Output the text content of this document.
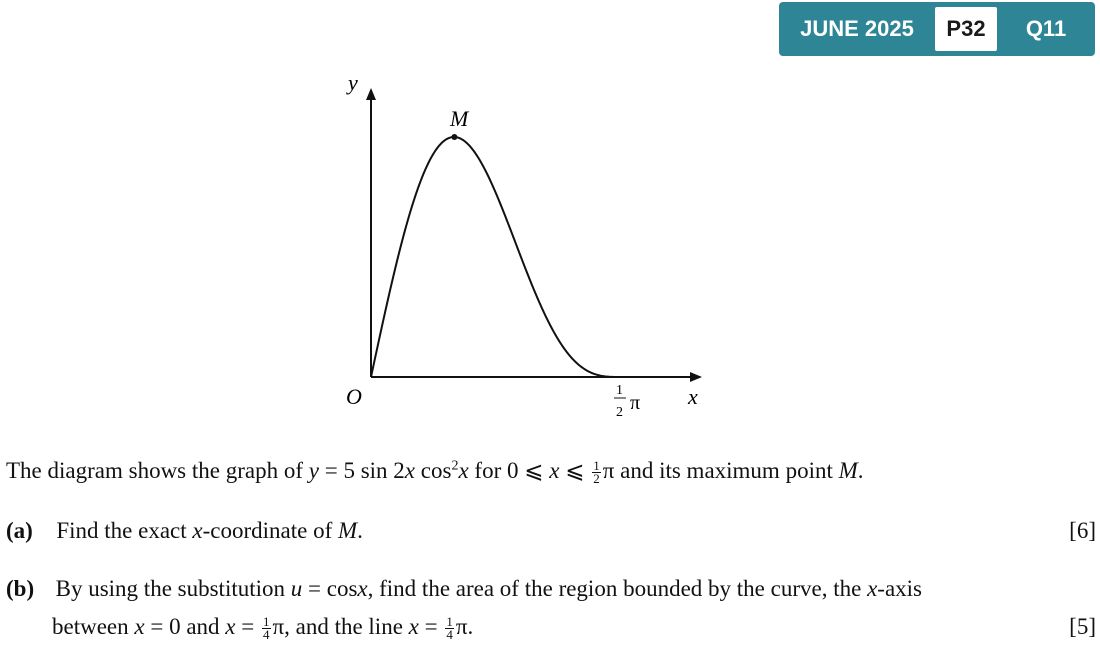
JUNE 2025	P32	Q11
M
y
x
O	1
2 π
The diagram shows the graph of y = 5 sin 2x $\cos^2x$ for 0 ⩽ x ⩽ $\frac{1}{2}$ π and its maximum point M.
(a) Find the exact x-coordinate of M.	[6]
(b) By using the substitution u = cosx, find the area of the region bounded by the curve, the x-axis
between x = 0 and $x = \frac{1}{4} \pi$, and the line $x = \frac{1}{4} \pi$.	[5]
